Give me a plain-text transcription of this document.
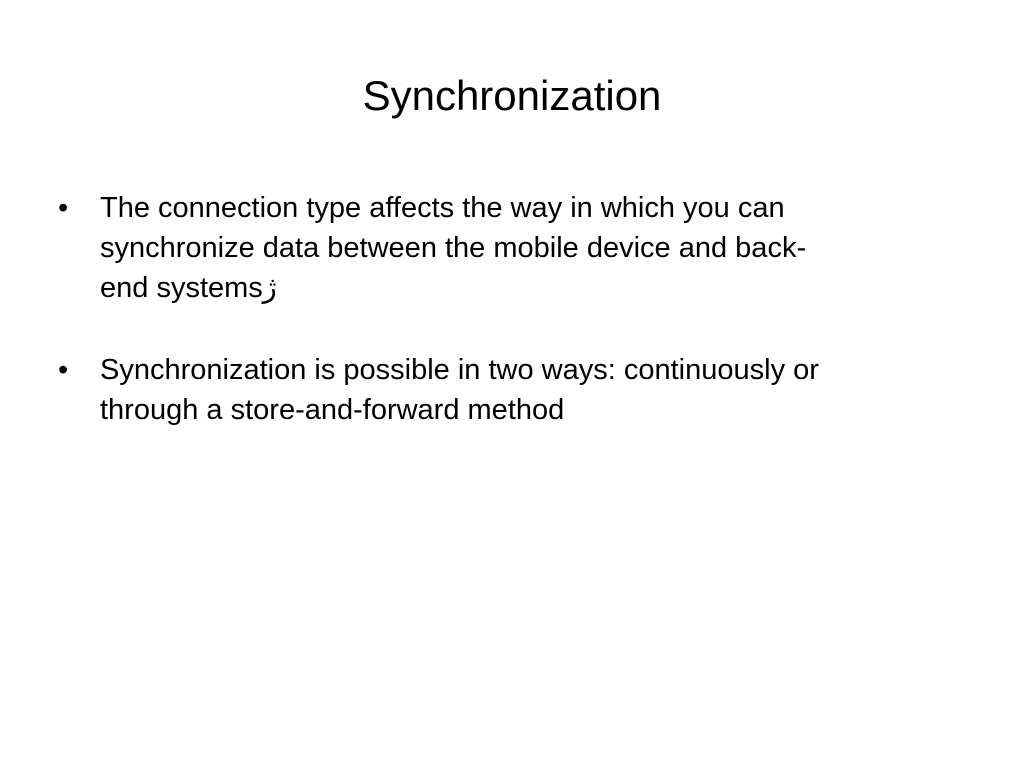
Synchronization
•	The connection type affects the way in which you can
synchronize data between the mobile device and back-
end systemsژ
•	Synchronization is possible in two ways: continuously or
through a store-and-forward method
